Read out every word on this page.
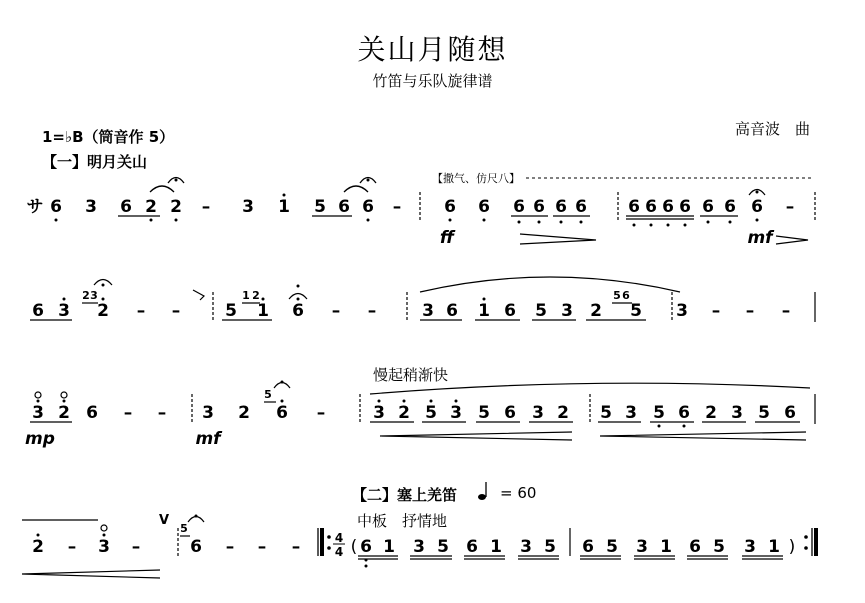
关山月随想
竹笛与乐队旋律谱
高音波　曲
1=♭B（筒音作 5）
【一】明月关山
慢起稍渐快
【二】塞上羌笛	= 60
中板　抒情地
サ 6 3 6 2 2 – 3 1 5 6 6 –
【撒气、仿尺八】
6 6 6 6 6 6 6 6 6 6 6 6 6 –
ff	mf
6 3 2
2 3
– –	5
1 2
1 6 – –	3 6 1 6 5 3 2
5 6
5 3 – – –
3 2 6 – – 3 2
5
6 –	3 2 5 3 5 6 3 2 5 3 5 6 2 3 5 6
mp	mf
2 – 3 –
5
6 – – –
V
4
4 (	)
6 1 3 5 6 1 3 5 6 5 3 1 6 5 3 1
